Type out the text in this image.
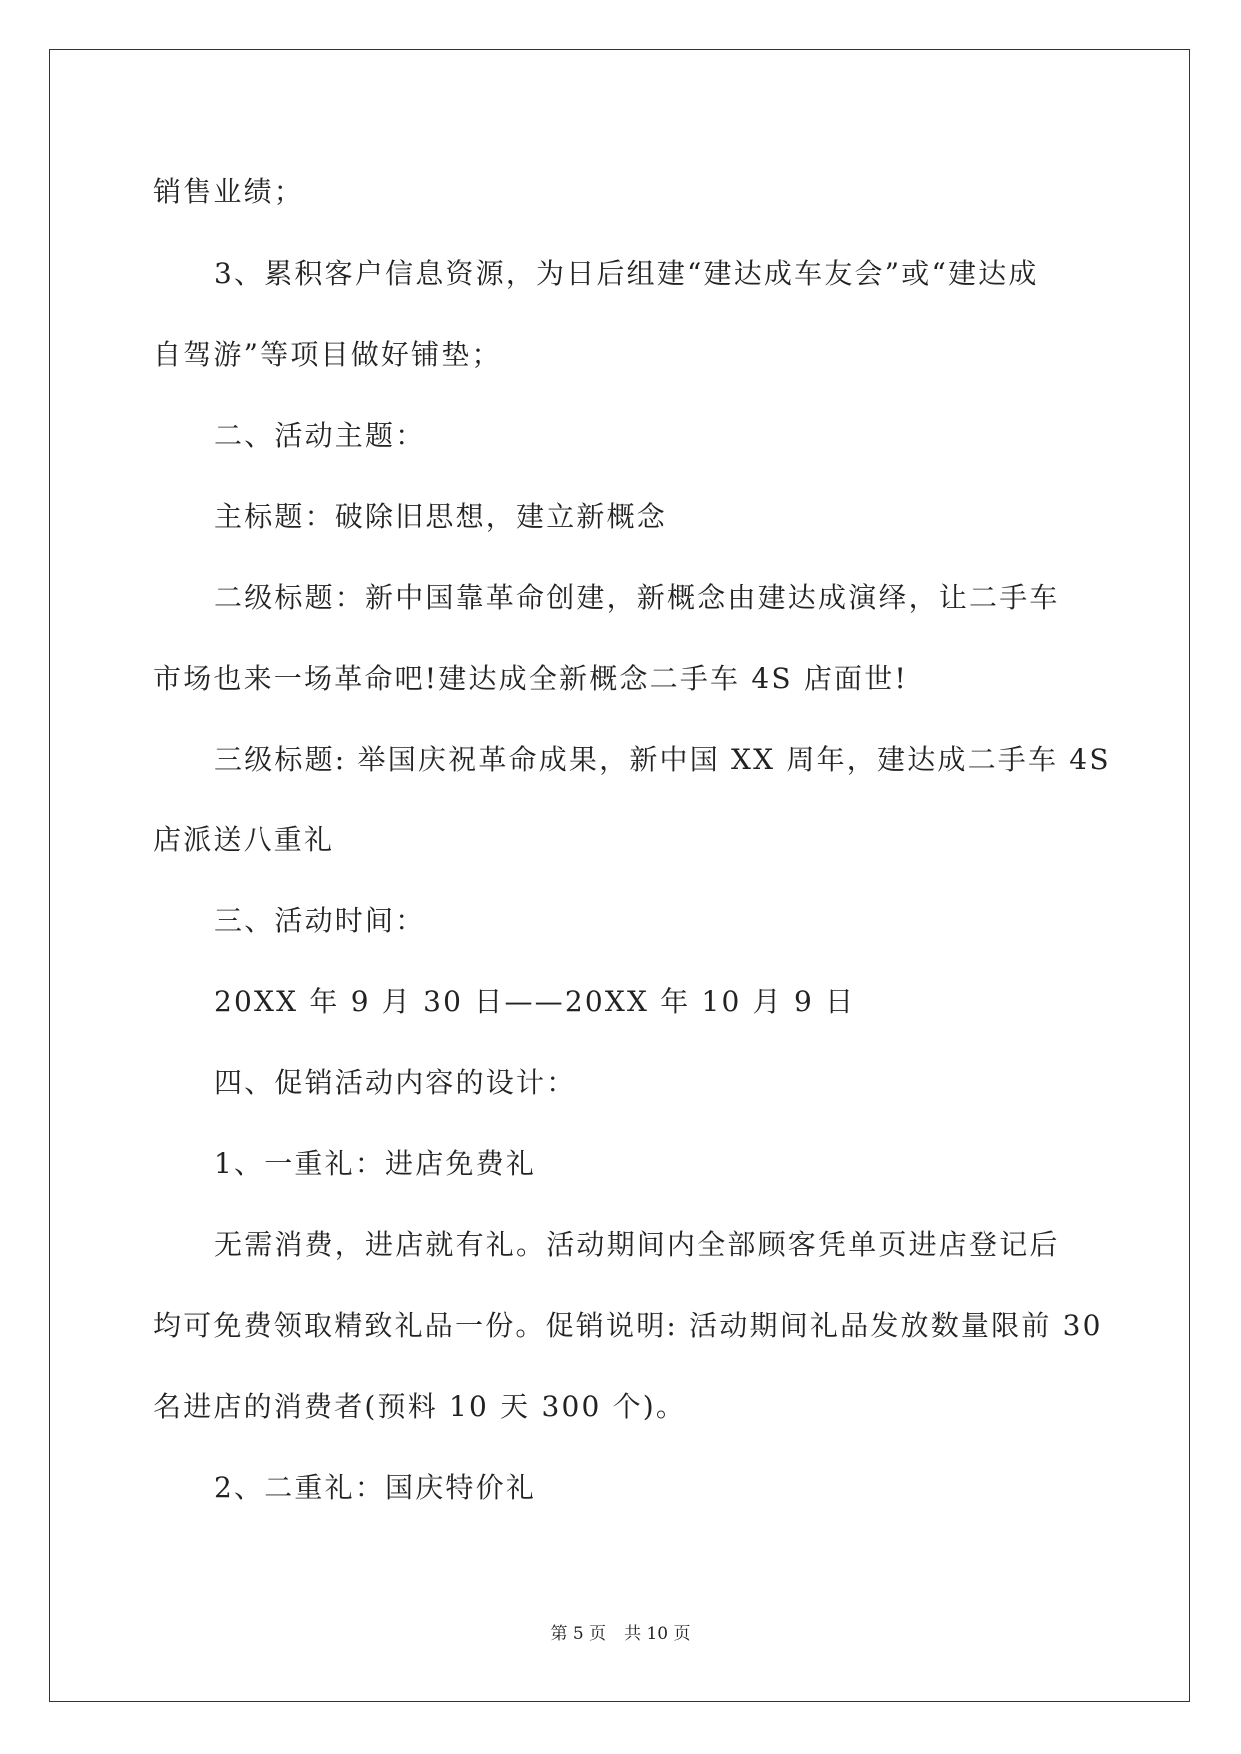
销售业绩；

3、累积客户信息资源，为日后组建“建达成车友会”或“建达成

自驾游”等项目做好铺垫；

二、活动主题：

主标题：破除旧思想，建立新概念

二级标题：新中国靠革命创建，新概念由建达成演绎，让二手车

市场也来一场革命吧!建达成全新概念二手车 4S 店面世!

三级标题: 举国庆祝革命成果，新中国 XX 周年，建达成二手车 4S

店派送八重礼

三、活动时间：

20XX 年 9 月 30 日——20XX 年 10 月 9 日

四、促销活动内容的设计：

1、一重礼：进店免费礼

无需消费，进店就有礼。活动期间内全部顾客凭单页进店登记后

均可免费领取精致礼品一份。促销说明: 活动期间礼品发放数量限前 30

名进店的消费者(预料 10 天 300 个)。

2、二重礼：国庆特价礼

第 5 页 共 10 页
